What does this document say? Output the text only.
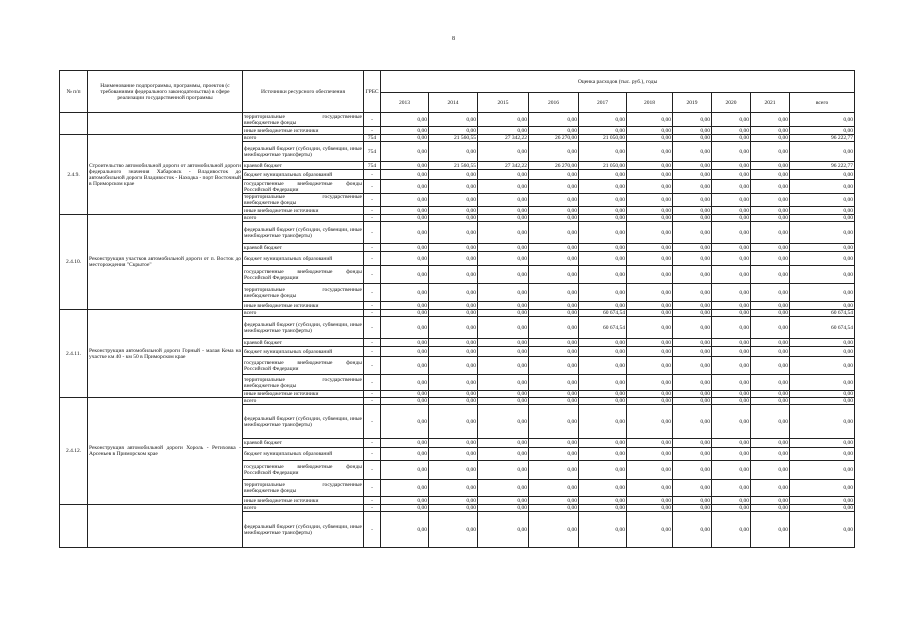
8
№ п/п	Наименование подпрограммы, программы, проектов (с требованиями федерального законодательства) в сфере реализации государственной программы	Источники ресурсного обеспечения	ГРБС	Оценка расходов (тыс. руб.), годы									
				2013	2014	2015	2016	2017	2018	2019	2020	2021	всего
		территориальные государственные внебюджетные фонды	-	0,00	0,00	0,00	0,00	0,00	0,00	0,00	0,00	0,00	0,00
		иные внебюджетные источники	-	0,00	0,00	0,00	0,00	0,00	0,00	0,00	0,00	0,00	0,00
2.4.9.	Строительство автомобильной дороги от автомобильной дороги федерального значения Хабаровск - Владивосток до автомобильной дороги Владивосток - Находка - порт Восточный в Приморском крае	всего	754	0,00	21 560,55	27 342,22	26 270,00	21 050,00	0,00	0,00	0,00	0,00	96 222,77
		федеральный бюджет (субсидии, субвенции, иные межбюджетные трансферты)	754	0,00	0,00	0,00	0,00	0,00	0,00	0,00	0,00	0,00	0,00
		краевой бюджет	754	0,00	21 560,55	27 342,22	26 270,00	21 050,00	0,00	0,00	0,00	0,00	96 222,77
		бюджет муниципальных образований	-	0,00	0,00	0,00	0,00	0,00	0,00	0,00	0,00	0,00	0,00
		государственные внебюджетные фонды Российской Федерации	-	0,00	0,00	0,00	0,00	0,00	0,00	0,00	0,00	0,00	0,00
		территориальные государственные внебюджетные фонды	-	0,00	0,00	0,00	0,00	0,00	0,00	0,00	0,00	0,00	0,00
		иные внебюджетные источники	-	0,00	0,00	0,00	0,00	0,00	0,00	0,00	0,00	0,00	0,00
2.4.10.	Реконструкция участков автомобильной дороги от п. Восток до месторождения "Скрытое"	всего	-	0,00	0,00	0,00	0,00	0,00	0,00	0,00	0,00	0,00	0,00
		федеральный бюджет (субсидии, субвенции, иные межбюджетные трансферты)	-	0,00	0,00	0,00	0,00	0,00	0,00	0,00	0,00	0,00	0,00
		краевой бюджет	-	0,00	0,00	0,00	0,00	0,00	0,00	0,00	0,00	0,00	0,00
		бюджет муниципальных образований	-	0,00	0,00	0,00	0,00	0,00	0,00	0,00	0,00	0,00	0,00
		государственные внебюджетные фонды Российской Федерации	-	0,00	0,00	0,00	0,00	0,00	0,00	0,00	0,00	0,00	0,00
		территориальные государственные внебюджетные фонды	-	0,00	0,00	0,00	0,00	0,00	0,00	0,00	0,00	0,00	0,00
		иные внебюджетные источники	-	0,00	0,00	0,00	0,00	0,00	0,00	0,00	0,00	0,00	0,00
2.4.11.	Реконструкция автомобильной дороги Горный - малая Кема на участке км 40 - км 50 в Приморском крае	всего	-	0,00	0,00	0,00	0,00	60 674,54	0,00	0,00	0,00	0,00	60 674,54
		федеральный бюджет (субсидии, субвенции, иные межбюджетные трансферты)	-	0,00	0,00	0,00	0,00	60 674,54	0,00	0,00	0,00	0,00	60 674,54
		краевой бюджет	-	0,00	0,00	0,00	0,00	0,00	0,00	0,00	0,00	0,00	0,00
		бюджет муниципальных образований	-	0,00	0,00	0,00	0,00	0,00	0,00	0,00	0,00	0,00	0,00
		государственные внебюджетные фонды Российской Федерации	-	0,00	0,00	0,00	0,00	0,00	0,00	0,00	0,00	0,00	0,00
		территориальные государственные внебюджетные фонды	-	0,00	0,00	0,00	0,00	0,00	0,00	0,00	0,00	0,00	0,00
		иные внебюджетные источники	-	0,00	0,00	0,00	0,00	0,00	0,00	0,00	0,00	0,00	0,00
2.4.12.	Реконструкция автомобильной дороги Хороль - Ретиховка - Арсеньев в Приморском крае	всего	-	0,00	0,00	0,00	0,00	0,00	0,00	0,00	0,00	0,00	0,00
		федеральный бюджет (субсидии, субвенции, иные межбюджетные трансферты)	-	0,00	0,00	0,00	0,00	0,00	0,00	0,00	0,00	0,00	0,00
		краевой бюджет	-	0,00	0,00	0,00	0,00	0,00	0,00	0,00	0,00	0,00	0,00
		бюджет муниципальных образований	-	0,00	0,00	0,00	0,00	0,00	0,00	0,00	0,00	0,00	0,00
		государственные внебюджетные фонды Российской Федерации	-	0,00	0,00	0,00	0,00	0,00	0,00	0,00	0,00	0,00	0,00
		территориальные государственные внебюджетные фонды	-	0,00	0,00	0,00	0,00	0,00	0,00	0,00	0,00	0,00	0,00
		иные внебюджетные источники	-	0,00	0,00	0,00	0,00	0,00	0,00	0,00	0,00	0,00	0,00
		всего	-	0,00	0,00	0,00	0,00	0,00	0,00	0,00	0,00	0,00	0,00
		федеральный бюджет (субсидии, субвенции, иные межбюджетные трансферты)	-	0,00	0,00	0,00	0,00	0,00	0,00	0,00	0,00	0,00	0,00
